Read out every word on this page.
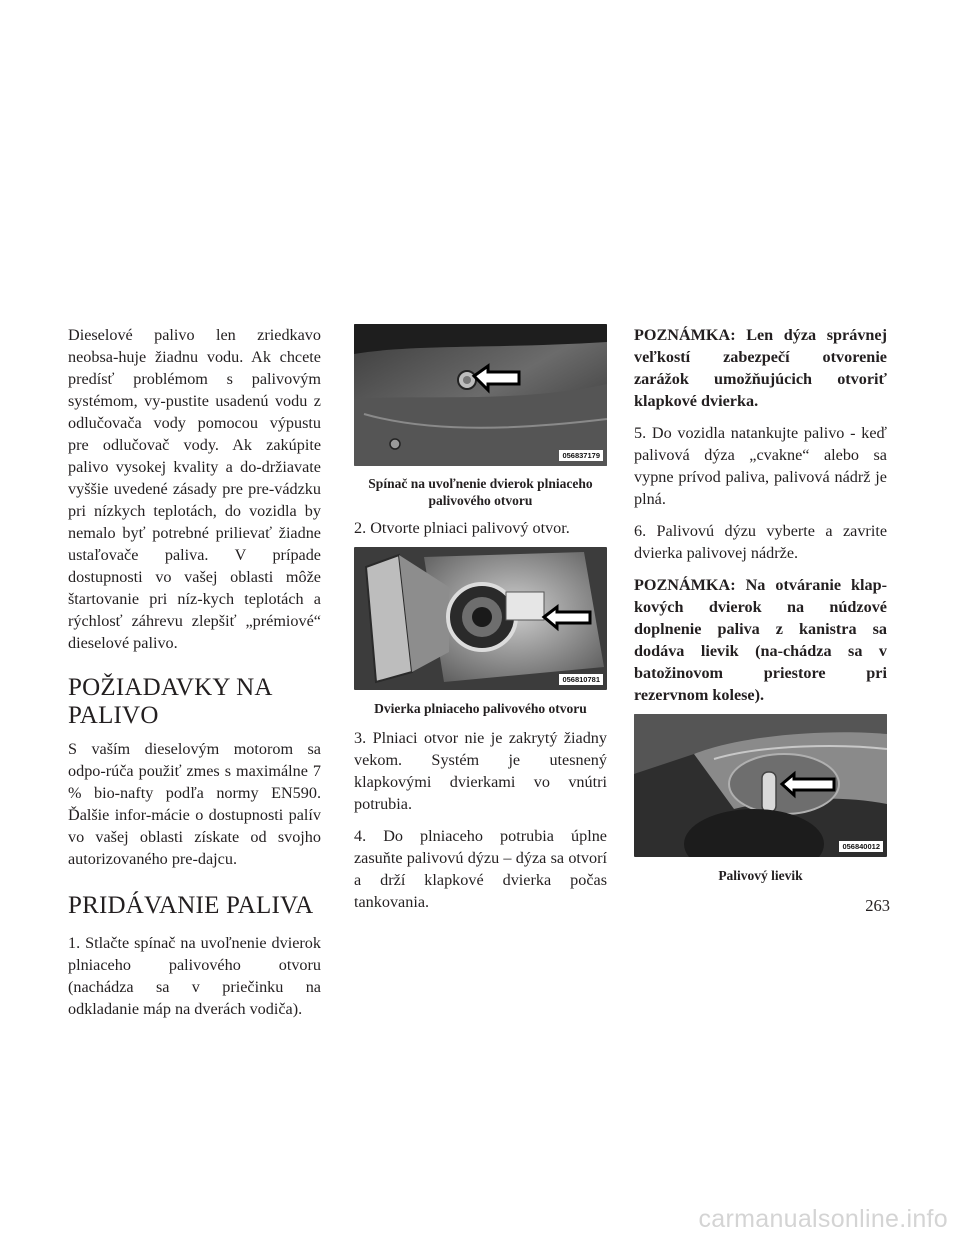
Dieselové palivo len zriedkavo neobsa-huje žiadnu vodu. Ak chcete predísť problémom s palivovým systémom, vy-pustite usadenú vodu z odlučovača vody pomocou výpustu pre odlučovač vody. Ak zakúpite palivo vysokej kvality a do-držiavate vyššie uvedené zásady pre pre-vádzku pri nízkych teplotách, do vozidla by nemalo byť potrebné prilievať žiadne ustaľovače paliva. V prípade dostupnosti vo vašej oblasti môže štartovanie pri níz-kych teplotách a rýchlosť záhrevu zlepšiť „prémiové“ dieselové palivo.

POŽIADAVKY NA
PALIVO

S vaším dieselovým motorom sa odpo-rúča použiť zmes s maximálne 7 % bio-nafty podľa normy EN590. Ďalšie infor-mácie o dostupnosti palív vo vašej oblasti získate od svojho autorizovaného pre-dajcu.

PRIDÁVANIE PALIVA

1. Stlačte spínač na uvoľnenie dvierok plniaceho palivového otvoru (nachádza sa v priečinku na odkladanie máp na dverách vodiča).

056837179
Spínač na uvoľnenie dvierok plniaceho
palivového otvoru

2. Otvorte plniaci palivový otvor.

056810781
Dvierka plniaceho palivového otvoru

3. Plniaci otvor nie je zakrytý žiadny vekom. Systém je utesnený klapkovými dvierkami vo vnútri potrubia.

4. Do plniaceho potrubia úplne zasuňte palivovú dýzu – dýza sa otvorí a drží klapkové dvierka počas tankovania.

POZNÁMKA: Len dýza správnej veľkostí zabezpečí otvorenie zarážok umožňujúcich otvoriť klapkové dvierka.

5. Do vozidla natankujte palivo - keď palivová dýza „cvakne“ alebo sa vypne prívod paliva, palivová nádrž je plná.

6. Palivovú dýzu vyberte a zavrite dvierka palivovej nádrže.

POZNÁMKA: Na otváranie klap-kových dvierok na núdzové doplnenie paliva z kanistra sa dodáva lievik (na-chádza sa v batožinovom priestore pri rezervnom kolese).

056840012
Palivový lievik
263
carmanualsonline.info
